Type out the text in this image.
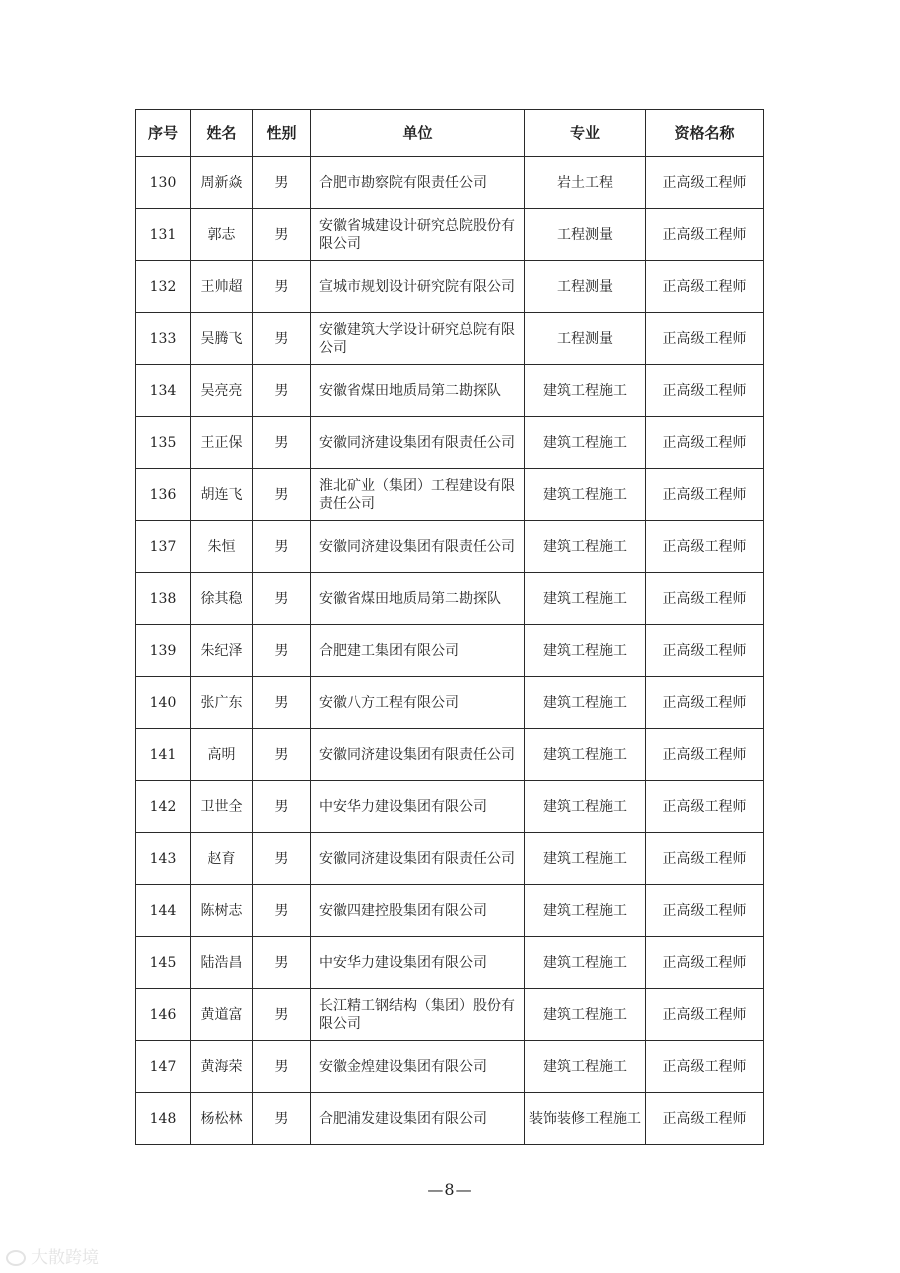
序号	姓名	性别	单位	专业	资格名称
130	周新焱	男	合肥市勘察院有限责任公司	岩土工程	正高级工程师
131	郭志	男	安徽省城建设计研究总院股份有限公司	工程测量	正高级工程师
132	王帅超	男	宣城市规划设计研究院有限公司	工程测量	正高级工程师
133	吴腾飞	男	安徽建筑大学设计研究总院有限公司	工程测量	正高级工程师
134	吴亮亮	男	安徽省煤田地质局第二勘探队	建筑工程施工	正高级工程师
135	王正保	男	安徽同济建设集团有限责任公司	建筑工程施工	正高级工程师
136	胡连飞	男	淮北矿业（集团）工程建设有限责任公司	建筑工程施工	正高级工程师
137	朱恒	男	安徽同济建设集团有限责任公司	建筑工程施工	正高级工程师
138	徐其稳	男	安徽省煤田地质局第二勘探队	建筑工程施工	正高级工程师
139	朱纪泽	男	合肥建工集团有限公司	建筑工程施工	正高级工程师
140	张广东	男	安徽八方工程有限公司	建筑工程施工	正高级工程师
141	高明	男	安徽同济建设集团有限责任公司	建筑工程施工	正高级工程师
142	卫世全	男	中安华力建设集团有限公司	建筑工程施工	正高级工程师
143	赵育	男	安徽同济建设集团有限责任公司	建筑工程施工	正高级工程师
144	陈树志	男	安徽四建控股集团有限公司	建筑工程施工	正高级工程师
145	陆浩昌	男	中安华力建设集团有限公司	建筑工程施工	正高级工程师
146	黄道富	男	长江精工钢结构（集团）股份有限公司	建筑工程施工	正高级工程师
147	黄海荣	男	安徽金煌建设集团有限公司	建筑工程施工	正高级工程师
148	杨松林	男	合肥浦发建设集团有限公司	装饰装修工程施工	正高级工程师
—8—
大散跨境
